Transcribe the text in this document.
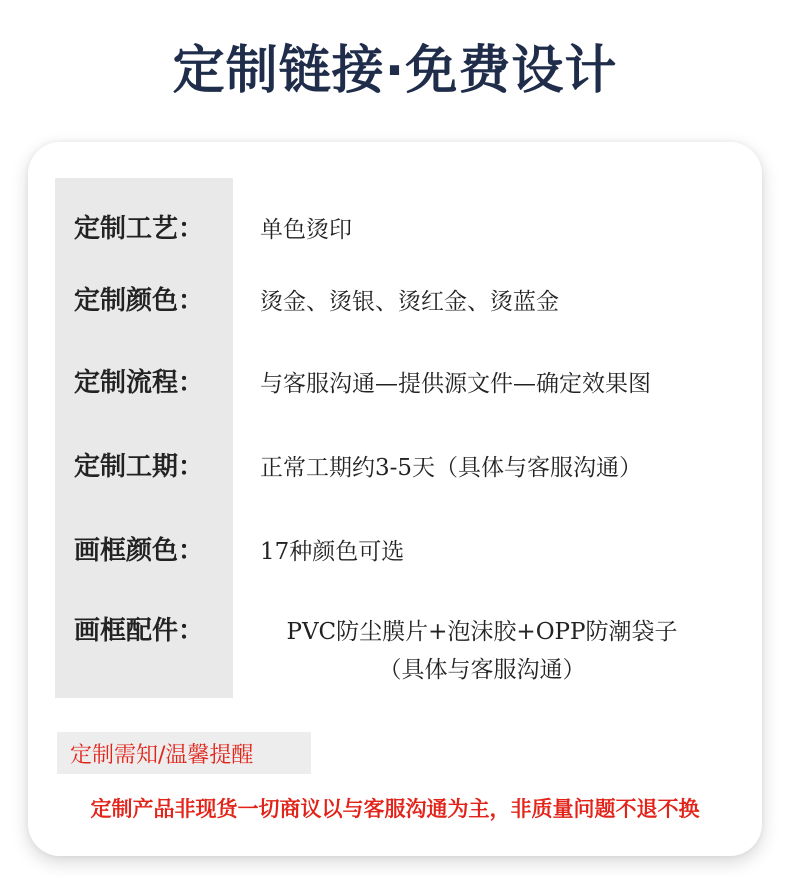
定制链接·免费设计
定制工艺： 单色烫印
定制颜色： 烫金、烫银、烫红金、烫蓝金
定制流程： 与客服沟通—提供源文件—确定效果图
定制工期： 正常工期约3-5天（具体与客服沟通）
画框颜色： 17种颜色可选
画框配件：	PVC防尘膜片+泡沫胶+OPP防潮袋子
（具体与客服沟通）
定制需知/温馨提醒
定制产品非现货一切商议以与客服沟通为主，非质量问题不退不换
